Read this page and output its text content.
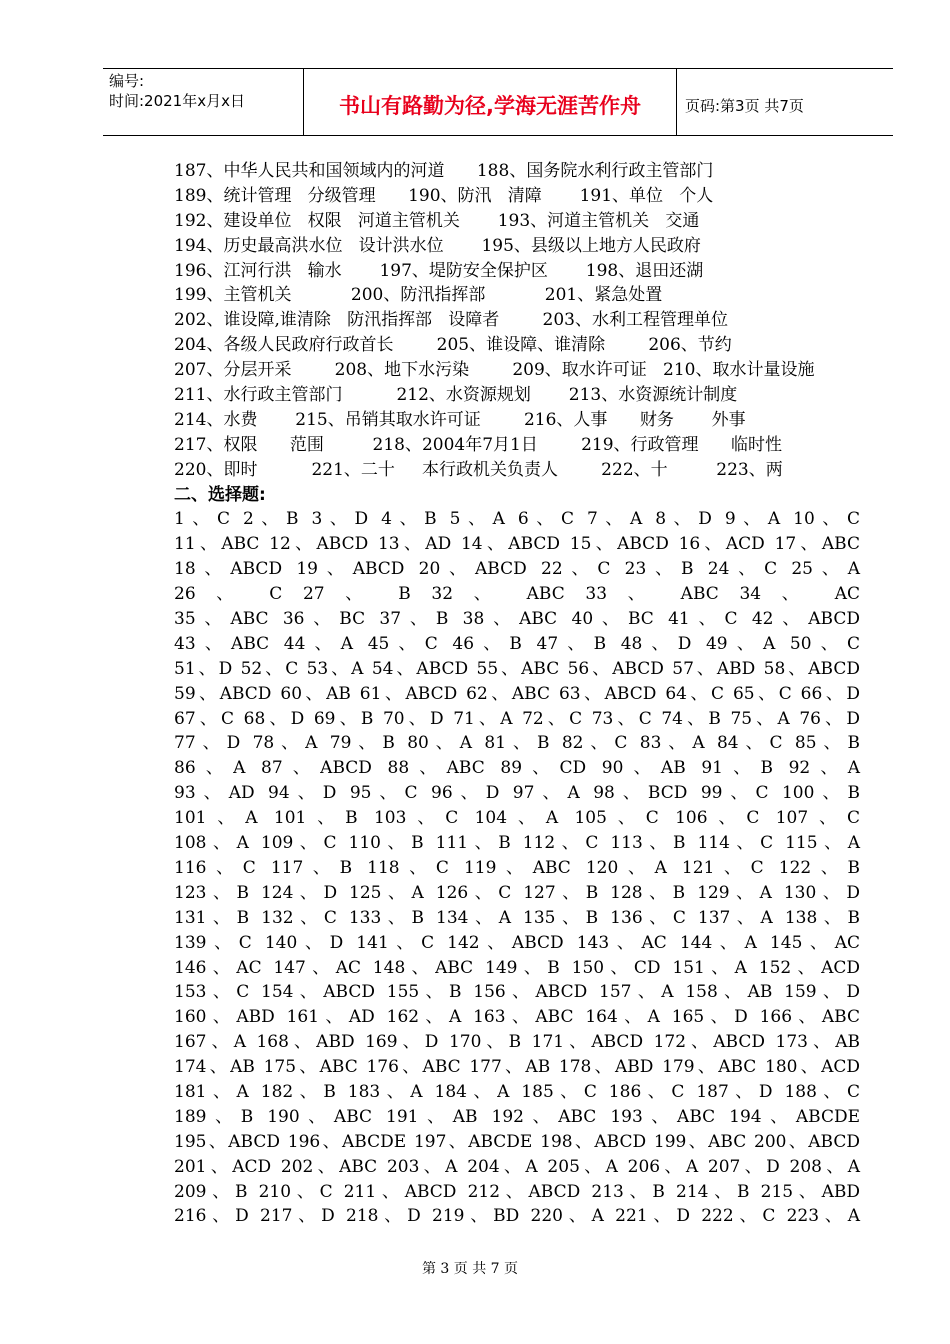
编号:
时间:2021年x月x日	书山有路勤为径,学海无涯苦作舟	页码:第3页 共7页
187、中华人民共和国领域内的河道      188、国务院水利行政主管部门
189、统计管理   分级管理      190、防汛   清障       191、单位   个人
192、建设单位   权限   河道主管机关       193、河道主管机关   交通
194、历史最高洪水位   设计洪水位       195、县级以上地方人民政府
196、江河行洪   输水       197、堤防安全保护区       198、退田还湖
199、主管机关           200、防汛指挥部           201、紧急处置
202、谁设障,谁清除   防汛指挥部   设障者        203、水利工程管理单位
204、各级人民政府行政首长        205、谁设障、谁清除        206、节约
207、分层开采        208、地下水污染        209、取水许可证   210、取水计量设施
211、水行政主管部门          212、水资源规划       213、水资源统计制度
214、水费       215、吊销其取水许可证        216、人事      财务       外事
217、权限      范围         218、2004年7月1日        219、行政管理      临时性
220、即时          221、二十     本行政机关负责人        222、十         223、两
二、选择题:
1、C 2、B 3、D 4、B 5、A 6、C 7、A 8、D 9、A 10、C
11、ABC 12、ABCD 13、AD 14、ABCD 15、ABCD 16、ACD 17、ABC
18、ABCD 19、ABCD 20、ABCD 22、C 23、B 24、C 25、A
26 、 C 27 、 B 32 、 ABC 33 、 ABC 34 、 AC
35、ABC 36、BC 37、B 38、ABC 40、BC 41、C 42、ABCD
43、ABC 44、A 45、C 46、B 47、B 48、D 49、A 50、C
51、D 52、C 53、A 54、ABCD 55、ABC 56、ABCD 57、ABD 58、ABCD
59、ABCD 60、AB 61、ABCD 62、ABC 63、ABCD 64、C 65、C 66、D
67、C 68、D 69、B 70、D 71、A 72、C 73、C 74、B 75、A 76、D
77、D 78、A 79、B 80、A 81、B 82、C 83、A 84、C 85、B
86、A 87、ABCD 88、ABC 89、CD 90、AB 91、B 92、A
93、AD 94、D 95、C 96、D 97、A 98、BCD 99、C 100、B
101、A 101、B 103、C 104、A 105、C 106、C 107、C
108、A 109、C 110、B 111、B 112、C 113、B 114、C 115、A
116、C 117、B 118、C 119、ABC 120、A 121、C 122、B
123、B 124、D 125、A 126、C 127、B 128、B 129、A 130、D
131、B 132、C 133、B 134、A 135、B 136、C 137、A 138、B
139、C 140、D 141、C 142、ABCD 143、AC 144、A 145、AC
146、AC 147、AC 148、ABC 149、B 150、CD 151、A 152、ACD
153、C 154、ABCD 155、B 156、ABCD 157、A 158、AB 159、D
160、ABD 161、AD 162、A 163、ABC 164、A 165、D 166、ABC
167、A 168、ABD 169、D 170、B 171、ABCD 172、ABCD 173、AB
174、AB 175、ABC 176、ABC 177、AB 178、ABD 179、ABC 180、ACD
181、A 182、B 183、A 184、A 185、C 186、C 187、D 188、C
189、B 190、ABC 191、AB 192、ABC 193、ABC 194、ABCDE
195、ABCD 196、ABCDE 197、ABCDE 198、ABCD 199、ABC 200、ABCD
201、ACD 202、ABC 203、A 204、A 205、A 206、A 207、D 208、A
209、B 210、C 211、ABCD 212、ABCD 213、B 214、B 215、ABD
216、D 217、D 218、D 219、BD 220、A 221、D 222、C 223、A
第 3 页 共 7 页
